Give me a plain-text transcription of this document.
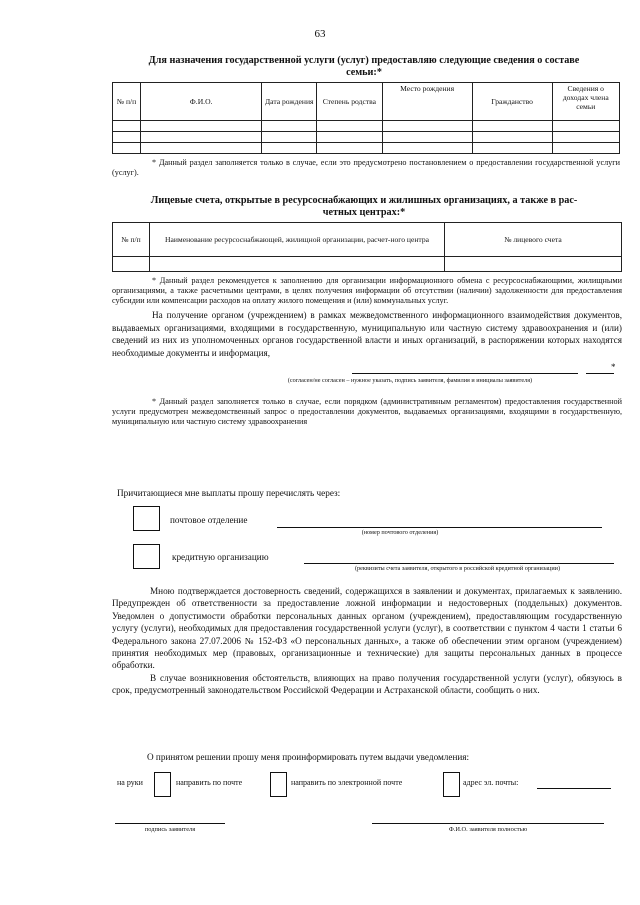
63
Для назначения государственной услуги (услуг) предоставляю следующие сведения о составе
семьи:*
№ п/п	Ф.И.О.	Дата рождения	Степень родства	Место рождения	Гражданство	Сведения о доходах члена семьи

* Данный раздел заполняется только в случае, если это предусмотрено постановлением о предоставлении государственной услуги (услуг).
Лицевые счета, открытые в ресурсоснабжающих и жилишных организациях, а также в рас-
четных центрах:*
№ п/п	Наименование ресурсоснабжающей, жилищной организации, расчет-ного центра	№ лицевого счета

* Данный раздел рекомендуется к заполнению для организации информационного обмена с ресурсоснабжающими, жилищными организациями, а также расчетными центрами, в целях получения информации об отсутствии (наличии) задолженности для предоставления субсидии или компенсации расходов на оплату жилого помещения и (или) коммунальных услуг.
На получение органом (учреждением) в рамках межведомственного информационного взаимодействия документов, выдаваемых организациями, входящими в государственную, муниципальную или частную систему здравоохранения и (или) сведений из них из уполномоченных органов государственной власти и иных организаций, в распоряжении которых находятся необходимые документы и информация,
*
(согласен/не согласен – нужное указать, подпись заявителя, фамилия и инициалы заявителя)
* Данный раздел заполняется только в случае, если порядком (административным регламентом) предоставления государственной услуги предусмотрен межведомственный запрос о предоставлении документов, выдаваемых организациями, входящими в государственную, муниципальную или частную систему здравоохранения
Причитающиеся мне выплаты прошу перечислять через:
почтовое отделение
(номер почтового отделения)
кредитную организацию
(реквизиты счета заявителя, открытого в российской кредитной организации)
Мною подтверждается достоверность сведений, содержащихся в заявлении и документах, прилагаемых к заявлению. Предупрежден об ответственности за предоставление ложной информации и недостоверных (поддельных) документов. Уведомлен о допустимости обработки персональных данных органом (учреждением), предоставляющим государственную услугу (услуги), необходимых для предоставления государственной услуги (услуг), в соответствии с пунктом 4 части 1 статьи 6 Федерального закона 27.07.2006 № 152-ФЗ «О персональных данных», а также об обеспечении этим органом (учреждением) принятия необходимых мер (правовых, организационные и технические) для защиты персональных данных в процессе обработки.
В случае возникновения обстоятельств, влияющих на право получения государственной услуги (услуг), обязуюсь в срок, предусмотренный законодательством Российской Федерации и Астраханской области, сообщить о них.
О принятом решении прошу меня проинформировать путем выдачи уведомления:
на руки	направить по почте	направить по электронной почте	адрес эл. почты:
подпись заявителя	Ф.И.О. заявителя полностью
